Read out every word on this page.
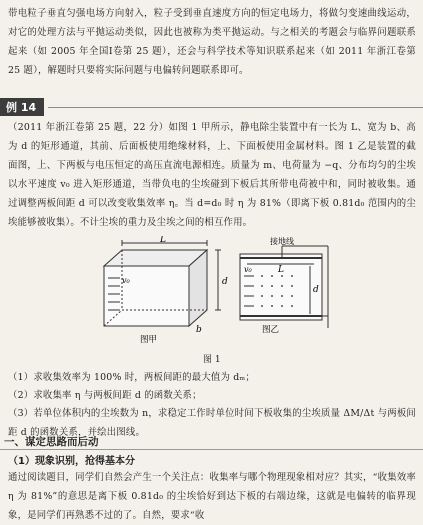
带电粒子垂直匀强电场方向射入，粒子受到垂直速度方向的恒定电场力，将做匀变速曲线运动，对它的处理方法与平抛运动类似，因此也被称为类平抛运动。与之相关的考题会与临界问题联系起来（如 2005 年全国Ⅰ卷第 25 题），还会与科学技术等知识联系起来（如 2011 年浙江卷第 25 题），解题时只要将实际问题与电偏转问题联系即可。

例 14

（2011 年浙江卷第 25 题，22 分）如图 1 甲所示，静电除尘装置中有一长为 L、宽为 b、高为 d 的矩形通道，其前、后面板使用绝缘材料，上、下面板使用金属材料。图 1 乙是装置的截面图，上、下两板与电压恒定的高压直流电源相连。质量为 m、电荷量为 −q、分布均匀的尘埃以水平速度 v₀ 进入矩形通道，当带负电的尘埃碰到下板后其所带电荷被中和，同时被收集。通过调整两板间距 d 可以改变收集效率 η。当 d=d₀ 时 η 为 81%（即离下板 0.81d₀ 范围内的尘埃能够被收集）。不计尘埃的重力及尘埃之间的相互作用。

L
v₀	d
b
图甲
接地线
L
v₀
d
图乙
图 1

（1）求收集效率为 100% 时，两板间距的最大值为 dₘ；

（2）求收集率 η 与两板间距 d 的函数关系；

（3）若单位体积内的尘埃数为 n，求稳定工作时单位时间下板收集的尘埃质量 ΔM/Δt 与两板间距 d 的函数关系，并绘出图线。

一、谋定思路而后动
（1）现象识别，抢得基本分

通过阅读题目，同学们自然会产生一个关注点：收集率与哪个物理现象相对应？其实，“收集效率 η 为 81%”的意思是离下板 0.81d₀ 的尘埃恰好到达下板的右端边缘，这就是电偏转的临界现象，是同学们再熟悉不过的了。自然，要求“收
